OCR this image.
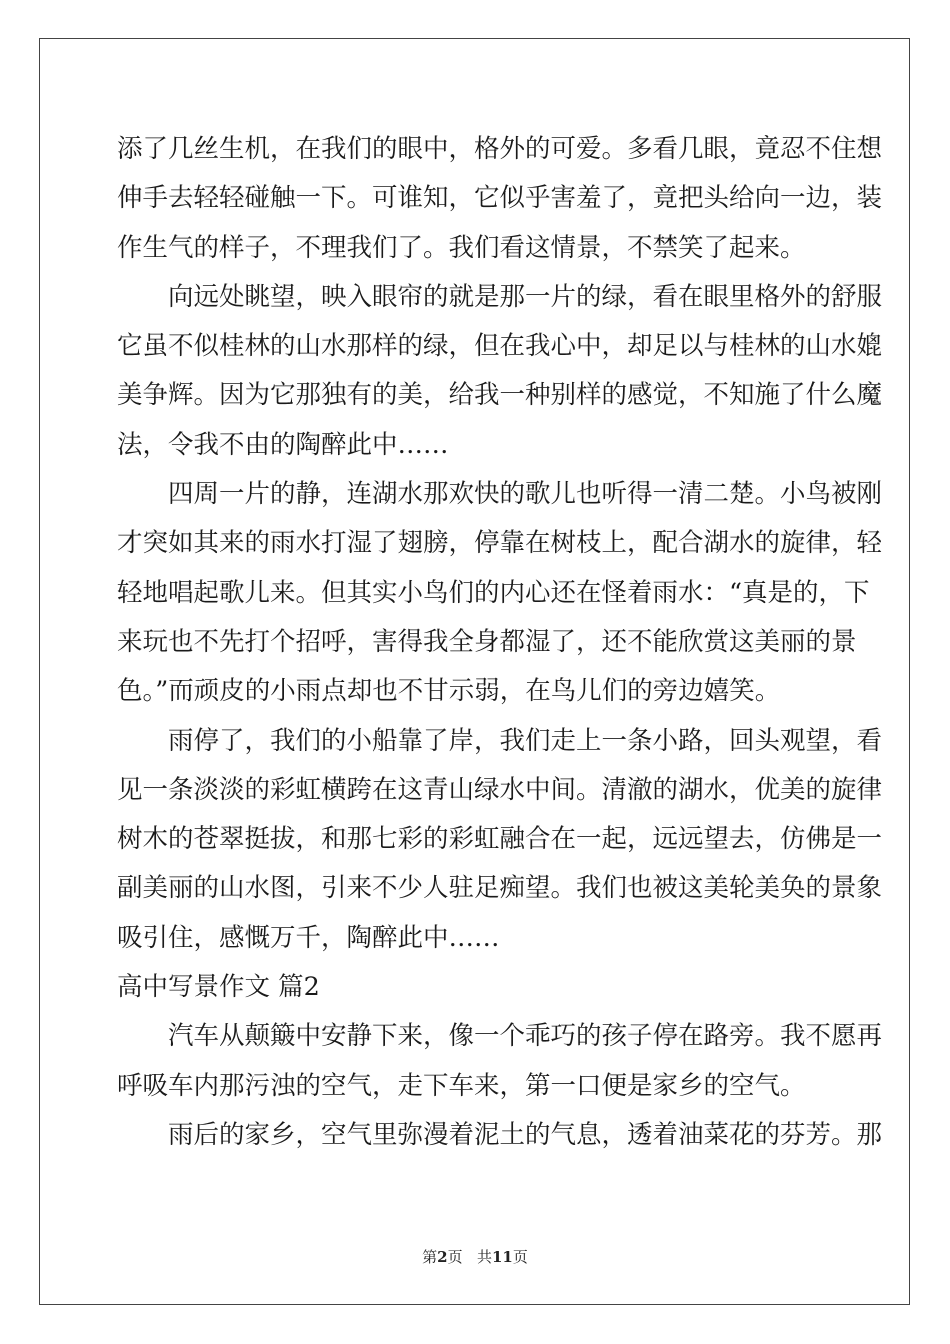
添了几丝生机，在我们的眼中，格外的可爱。多看几眼，竟忍不住想
伸手去轻轻碰触一下。可谁知，它似乎害羞了，竟把头给向一边，装
作生气的样子，不理我们了。我们看这情景，不禁笑了起来。
向远处眺望，映入眼帘的就是那一片的绿，看在眼里格外的舒服
它虽不似桂林的山水那样的绿，但在我心中，却足以与桂林的山水媲
美争辉。因为它那独有的美，给我一种别样的感觉，不知施了什么魔
法，令我不由的陶醉此中……
四周一片的静，连湖水那欢快的歌儿也听得一清二楚。小鸟被刚
才突如其来的雨水打湿了翅膀，停靠在树枝上，配合湖水的旋律，轻
轻地唱起歌儿来。但其实小鸟们的内心还在怪着雨水：“真是的，下
来玩也不先打个招呼，害得我全身都湿了，还不能欣赏这美丽的景
色。”而顽皮的小雨点却也不甘示弱，在鸟儿们的旁边嬉笑。
雨停了，我们的小船靠了岸，我们走上一条小路，回头观望，看
见一条淡淡的彩虹横跨在这青山绿水中间。清澈的湖水，优美的旋律
树木的苍翠挺拔，和那七彩的彩虹融合在一起，远远望去，仿佛是一
副美丽的山水图，引来不少人驻足痴望。我们也被这美轮美奂的景象
吸引住，感慨万千，陶醉此中……
高中写景作文 篇2
汽车从颠簸中安静下来，像一个乖巧的孩子停在路旁。我不愿再
呼吸车内那污浊的空气，走下车来，第一口便是家乡的空气。
雨后的家乡，空气里弥漫着泥土的气息，透着油菜花的芬芳。那
第2页 共11页
